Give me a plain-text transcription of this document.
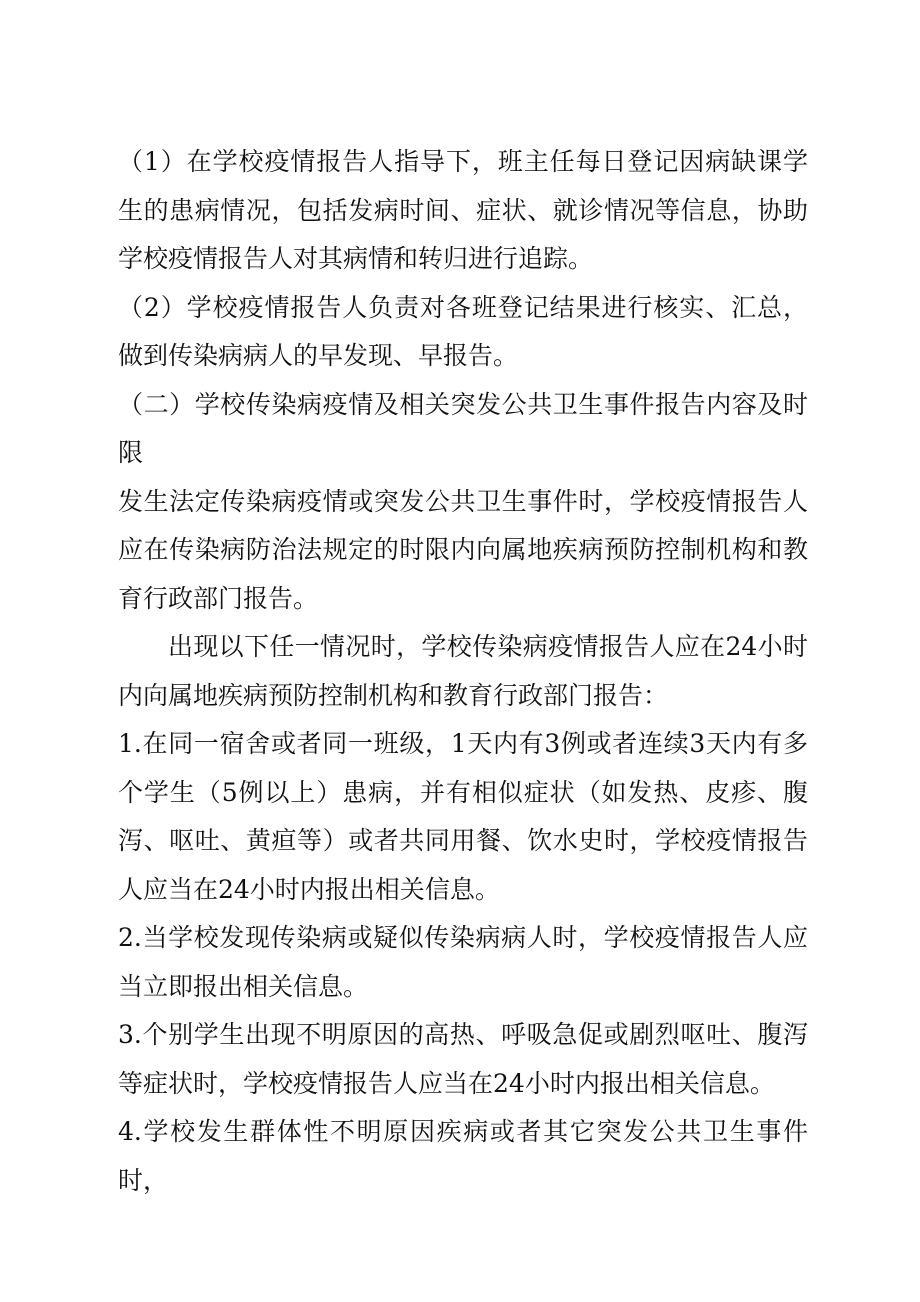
（1）在学校疫情报告人指导下，班主任每日登记因病缺课学生的患病情况，包括发病时间、症状、就诊情况等信息，协助学校疫情报告人对其病情和转归进行追踪。

（2）学校疫情报告人负责对各班登记结果进行核实、汇总，做到传染病病人的早发现、早报告。

（二）学校传染病疫情及相关突发公共卫生事件报告内容及时限

发生法定传染病疫情或突发公共卫生事件时，学校疫情报告人应在传染病防治法规定的时限内向属地疾病预防控制机构和教育行政部门报告。

出现以下任一情况时，学校传染病疫情报告人应在24小时内向属地疾病预防控制机构和教育行政部门报告：

1.在同一宿舍或者同一班级，1天内有3例或者连续3天内有多个学生（5例以上）患病，并有相似症状（如发热、皮疹、腹泻、呕吐、黄疸等）或者共同用餐、饮水史时，学校疫情报告人应当在24小时内报出相关信息。

2.当学校发现传染病或疑似传染病病人时，学校疫情报告人应当立即报出相关信息。

3.个别学生出现不明原因的高热、呼吸急促或剧烈呕吐、腹泻等症状时，学校疫情报告人应当在24小时内报出相关信息。

4.学校发生群体性不明原因疾病或者其它突发公共卫生事件时，
